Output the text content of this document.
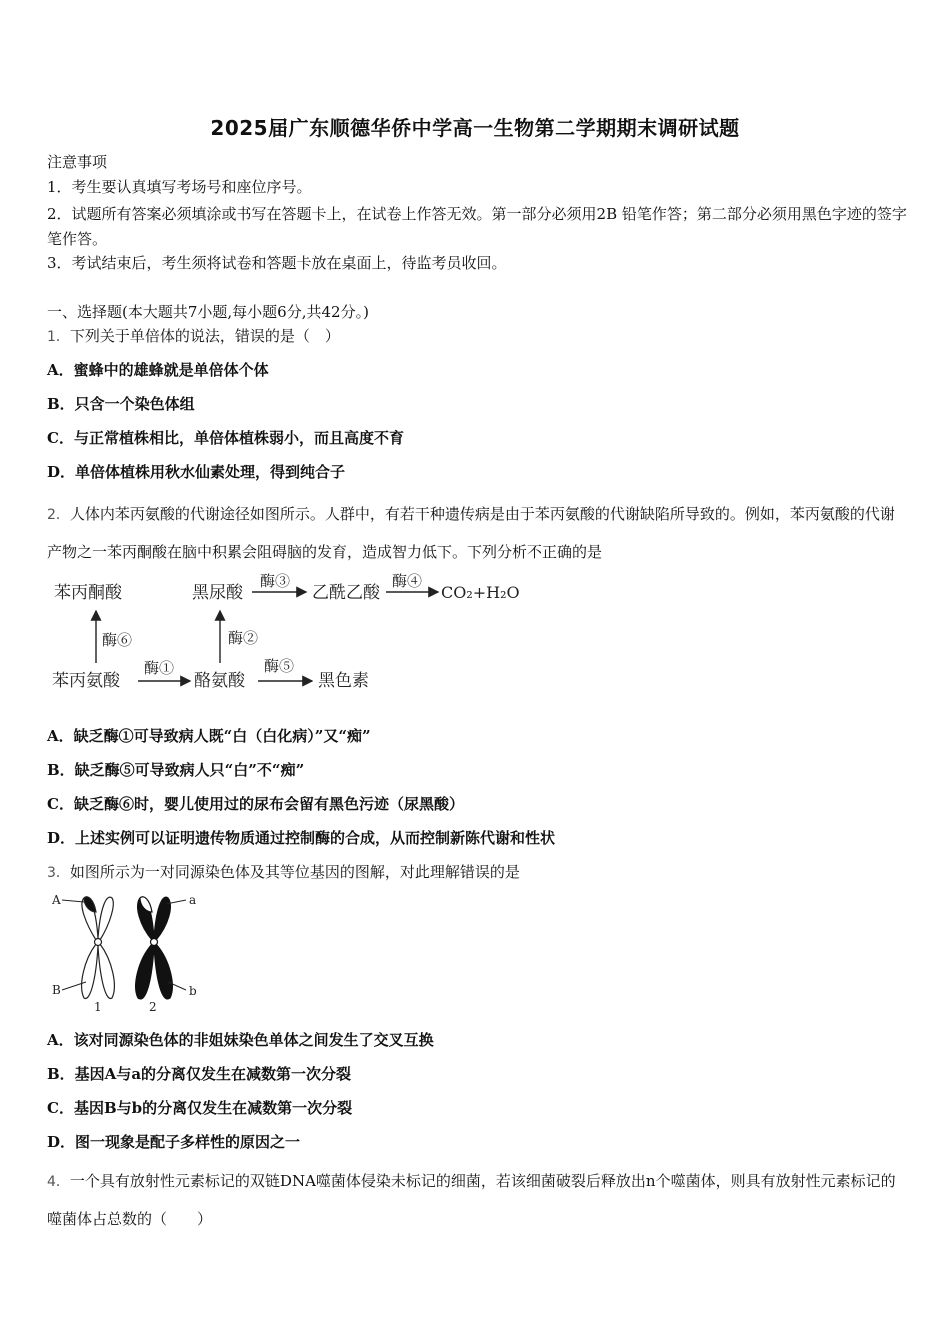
2025届广东顺德华侨中学高一生物第二学期期末调研试题
注意事项
1．考生要认真填写考场号和座位序号。
2．试题所有答案必须填涂或书写在答题卡上，在试卷上作答无效。第一部分必须用2B 铅笔作答；第二部分必须用黑色字迹的签字笔作答。
3．考试结束后，考生须将试卷和答题卡放在桌面上，待监考员收回。
一、选择题(本大题共7小题,每小题6分,共42分。)
1．下列关于单倍体的说法，错误的是（　）
A．蜜蜂中的雄蜂就是单倍体个体
B．只含一个染色体组
C．与正常植株相比，单倍体植株弱小，而且高度不育
D．单倍体植株用秋水仙素处理，得到纯合子
2．人体内苯丙氨酸的代谢途径如图所示。人群中，有若干种遗传病是由于苯丙氨酸的代谢缺陷所导致的。例如，苯丙氨酸的代谢产物之一苯丙酮酸在脑中积累会阻碍脑的发育，造成智力低下。下列分析不正确的是
苯丙酮酸	黑尿酸
酶③
乙酰乙酸
酶④
CO₂+H₂O
酶⑥	酶②
苯丙氨酸
酶①
酪氨酸
酶⑤
黑色素
A．缺乏酶①可导致病人既“白（白化病）”又“痴”
B．缺乏酶⑤可导致病人只“白”不“痴”
C．缺乏酶⑥时，婴儿使用过的尿布会留有黑色污迹（尿黑酸）
D．上述实例可以证明遗传物质通过控制酶的合成，从而控制新陈代谢和性状
3．如图所示为一对同源染色体及其等位基因的图解，对此理解错误的是
A
B
a
b
1	2
A．该对同源染色体的非姐妹染色单体之间发生了交叉互换
B．基因A与a的分离仅发生在减数第一次分裂
C．基因B与b的分离仅发生在减数第一次分裂
D．图一现象是配子多样性的原因之一
4．一个具有放射性元素标记的双链DNA噬菌体侵染未标记的细菌，若该细菌破裂后释放出n个噬菌体，则具有放射性元素标记的噬菌体占总数的（　　）
